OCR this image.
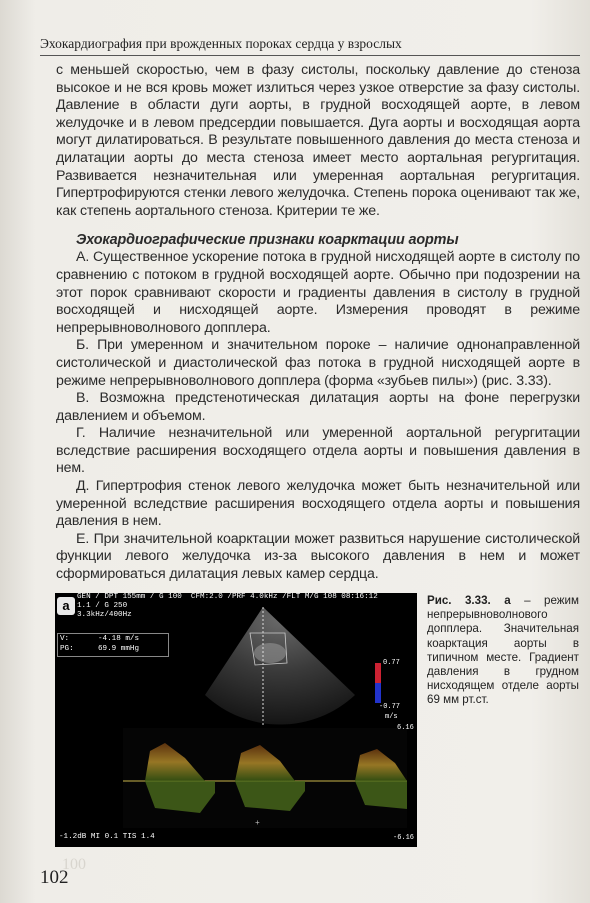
Эхокардиография при врожденных пороках сердца у взрослых

с меньшей скоростью, чем в фазу систолы, поскольку давление до стеноза высокое и не вся кровь может излиться через узкое отверстие за фазу систолы. Давление в области дуги аорты, в грудной восходящей аорте, в левом желудочке и в левом предсердии повышается. Дуга аорты и восходящая аорта могут дилатироваться. В результате повышенного давления до места стеноза и дилатации аорты до места стеноза имеет место аортальная регургитация. Развивается незначительная или умеренная аортальная регургитация. Гипертрофируются стенки левого желудочка. Степень порока оценивают так же, как степень аортального стеноза. Критерии те же.

Эхокардиографические признаки коарктации аорты

А. Существенное ускорение потока в грудной нисходящей аорте в систолу по сравнению с потоком в грудной восходящей аорте. Обычно при подозрении на этот порок сравнивают скорости и градиенты давления в систолу в грудной восходящей и нисходящей аорте. Измерения проводят в режиме непрерывноволнового допплера.

Б. При умеренном и значительном пороке – наличие однонаправленной систолической и диастолической фаз потока в грудной нисходящей аорте в режиме непрерывноволнового допплера (форма «зубьев пилы») (рис. 3.33).

В. Возможна предстенотическая дилатация аорты на фоне перегрузки давлением и объемом.

Г. Наличие незначительной или умеренной аортальной регургитации вследствие расширения восходящего отдела аорты и повышения давления в нем.

Д. Гипертрофия стенок левого желудочка может быть незначительной или умеренной вследствие расширения восходящего отдела аорты и повышения давления в нем.

Е. При значительной коарктации может развиться нарушение систолической функции левого желудочка из-за высокого давления в нем и может сформироваться дилатация левых камер сердца.

+
а
GEN / DPT 155mm / G 100  CFM:2.0 /PRF 4.0kHz /FLT M/G 108 08:16:12
1.1 / G 250
3.3kHz/400Hz
V:	-4.18 m/s
PG:	69.9 mmHg
0.77
-0.77
m/s
6.16
-6.16
-1.2dB MI 0.1 TIS 1.4
Рис. 3.33. а – режим непрерывноволнового допплера. Значительная коарктация аорты в типичном месте. Градиент давления в грудном нисходящем отделе аорты 69 мм рт.ст.
100
102
